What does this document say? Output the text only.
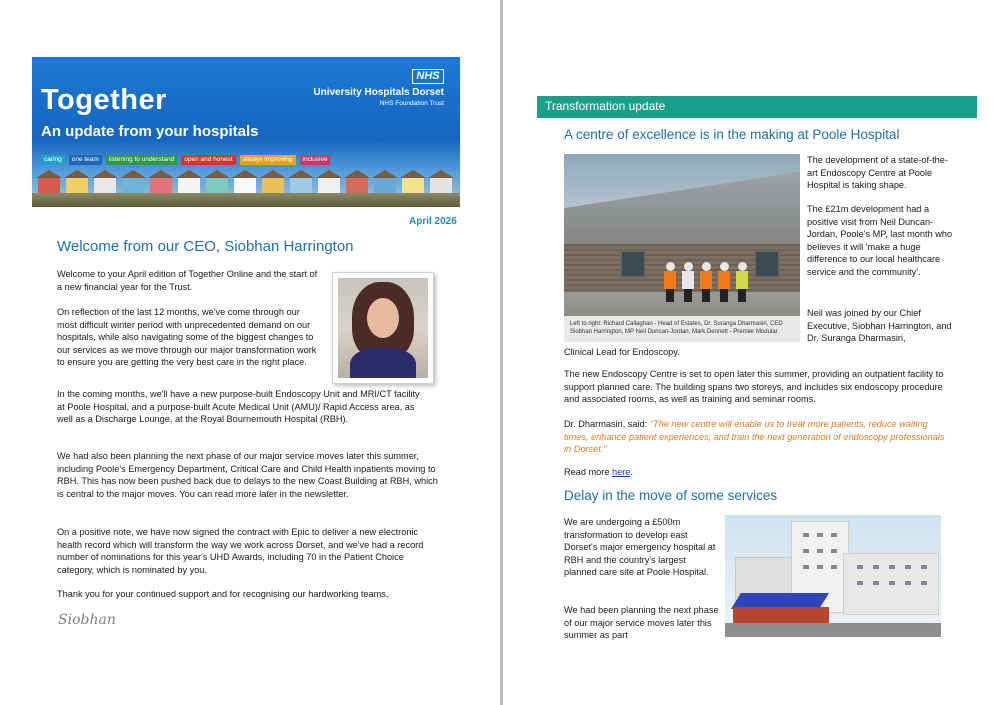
Together
An update from your hospitals
NHS
University Hospitals Dorset
NHS Foundation Trust
caring	one team	listening to understand	open and honest	always improving	inclusive
April 2026
Welcome from our CEO, Siobhan Harrington
Welcome to your April edition of Together Online and the start of a new financial year for the Trust.
On reflection of the last 12 months, we've come through our most difficult winter period with unprecedented demand on our hospitals, while also navigating some of the biggest changes to our services as we move through our major transformation work to ensure you are getting the very best care in the right place.
In the coming months, we'll have a new purpose-built Endoscopy Unit and MRI/CT facility at Poole Hospital, and a purpose-built Acute Medical Unit (AMU)/ Rapid Access area, as well as a Discharge Lounge, at the Royal Bournemouth Hospital (RBH).
We had also been planning the next phase of our major service moves later this summer, including Poole's Emergency Department, Critical Care and Child Health inpatients moving to RBH. This has now been pushed back due to delays to the new Coast Building at RBH, which is central to the major moves. You can read more later in the newsletter.
On a positive note, we have now signed the contract with Epic to deliver a new electronic health record which will transform the way we work across Dorset, and we've had a record number of nominations for this year's UHD Awards, including 70 in the Patient Choice category, which is nominated by you.
Thank you for your continued support and for recognising our hardworking teams,
Siobhan
Transformation update
A centre of excellence is in the making at Poole Hospital
Left to right: Richard Callaghan - Head of Estates, Dr. Suranga Dharmasiri, CED Siobhan Harrington, MP Neil Duncan-Jordan, Mark Dennett - Premier Modular
The development of a state-of-the-art Endoscopy Centre at Poole Hospital is taking shape.
The £21m development had a positive visit from Neil Duncan-Jordan, Poole's MP, last month who believes it will 'make a huge difference to our local healthcare service and the community'.
Neil was joined by our Chief Executive, Siobhan Harrington, and Dr. Suranga Dharmasiri,
Clinical Lead for Endoscopy.
The new Endoscopy Centre is set to open later this summer, providing an outpatient facility to support planned care. The building spans two storeys, and includes six endoscopy procedure and associated rooms, as well as training and seminar rooms.
Dr. Dharmasiri, said: "The new centre will enable us to treat more patients, reduce waiting times, enhance patient experiences, and train the next generation of endoscopy professionals in Dorset."
Read more here.
Delay in the move of some services
We are undergoing a £500m transformation to develop east Dorset's major emergency hospital at RBH and the country's largest planned care site at Poole Hospital.
We had been planning the next phase of our major service moves later this summer as part
